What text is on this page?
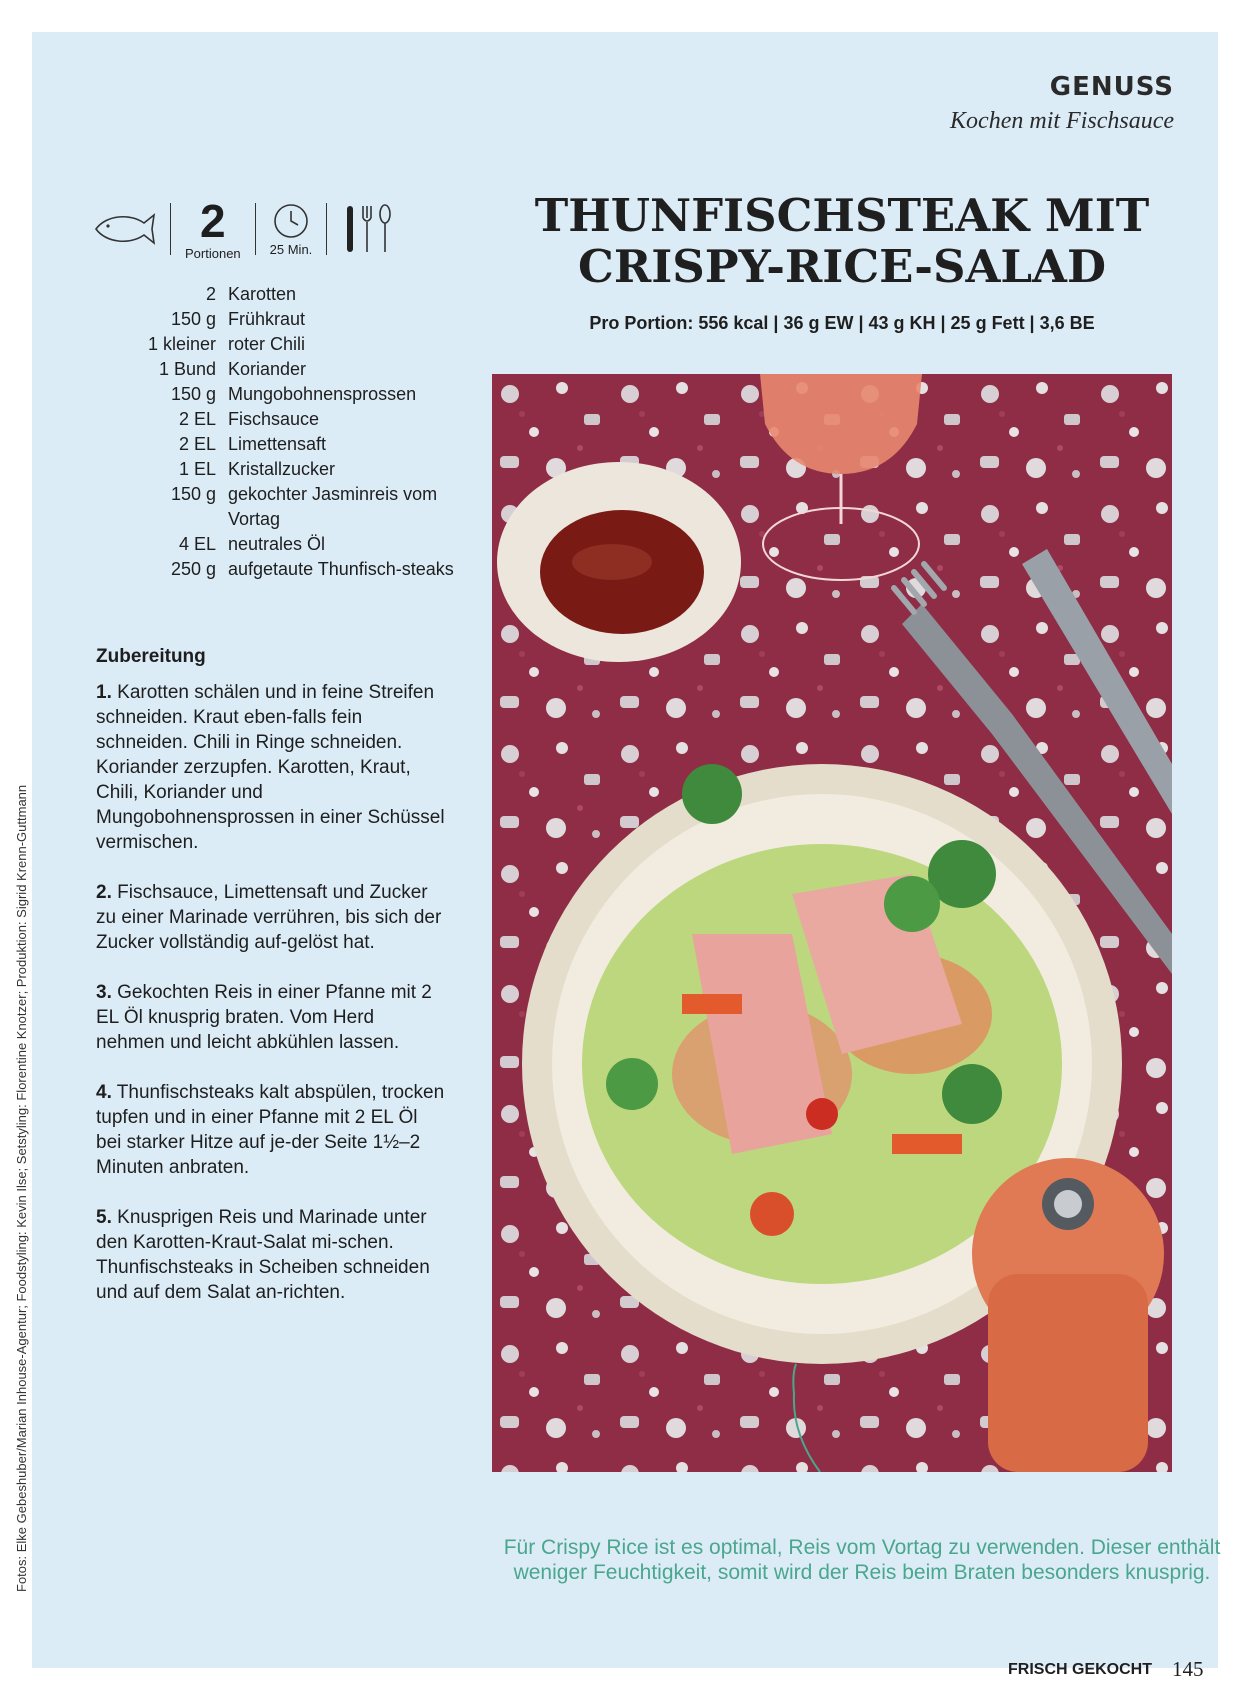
GENUSS
Kochen mit Fischsauce
2
Portionen 25 Min.
2 Karotten
150 g Frühkraut
1 kleiner roter Chili
1 Bund Koriander
150 g Mungobohnensprossen
2 EL Fischsauce
2 EL Limettensaft
1 EL Kristallzucker
150 g gekochter Jasminreis vom Vortag
4 EL neutrales Öl
250 g aufgetaute Thunfisch-steaks
Zubereitung
1. Karotten schälen und in feine Streifen schneiden. Kraut eben-falls fein schneiden. Chili in Ringe schneiden. Koriander zerzupfen. Karotten, Kraut, Chili, Koriander und Mungobohnensprossen in einer Schüssel vermischen.
2. Fischsauce, Limettensaft und Zucker zu einer Marinade verrühren, bis sich der Zucker vollständig auf-gelöst hat.
3. Gekochten Reis in einer Pfanne mit 2 EL Öl knusprig braten. Vom Herd nehmen und leicht abkühlen lassen.
4. Thunfischsteaks kalt abspülen, trocken tupfen und in einer Pfanne mit 2 EL Öl bei starker Hitze auf je-der Seite 1½–2 Minuten anbraten.
5. Knusprigen Reis und Marinade unter den Karotten-Kraut-Salat mi-schen. Thunfischsteaks in Scheiben schneiden und auf dem Salat an-richten.
THUNFISCHSTEAK MIT
CRISPY-RICE-SALAD
Pro Portion: 556 kcal | 36 g EW | 43 g KH | 25 g Fett | 3,6 BE
Für Crispy Rice ist es optimal, Reis vom Vortag zu verwenden. Dieser enthält weniger Feuchtigkeit, somit wird der Reis beim Braten besonders knusprig.
FRISCH GEKOCHT 145
Fotos: Elke Gebeshuber/Marian Inhouse-Agentur; Foodstyling: Kevin Ilse; Setstyling: Florentine Knotzer; Produktion: Sigrid Krenn-Guttmann
